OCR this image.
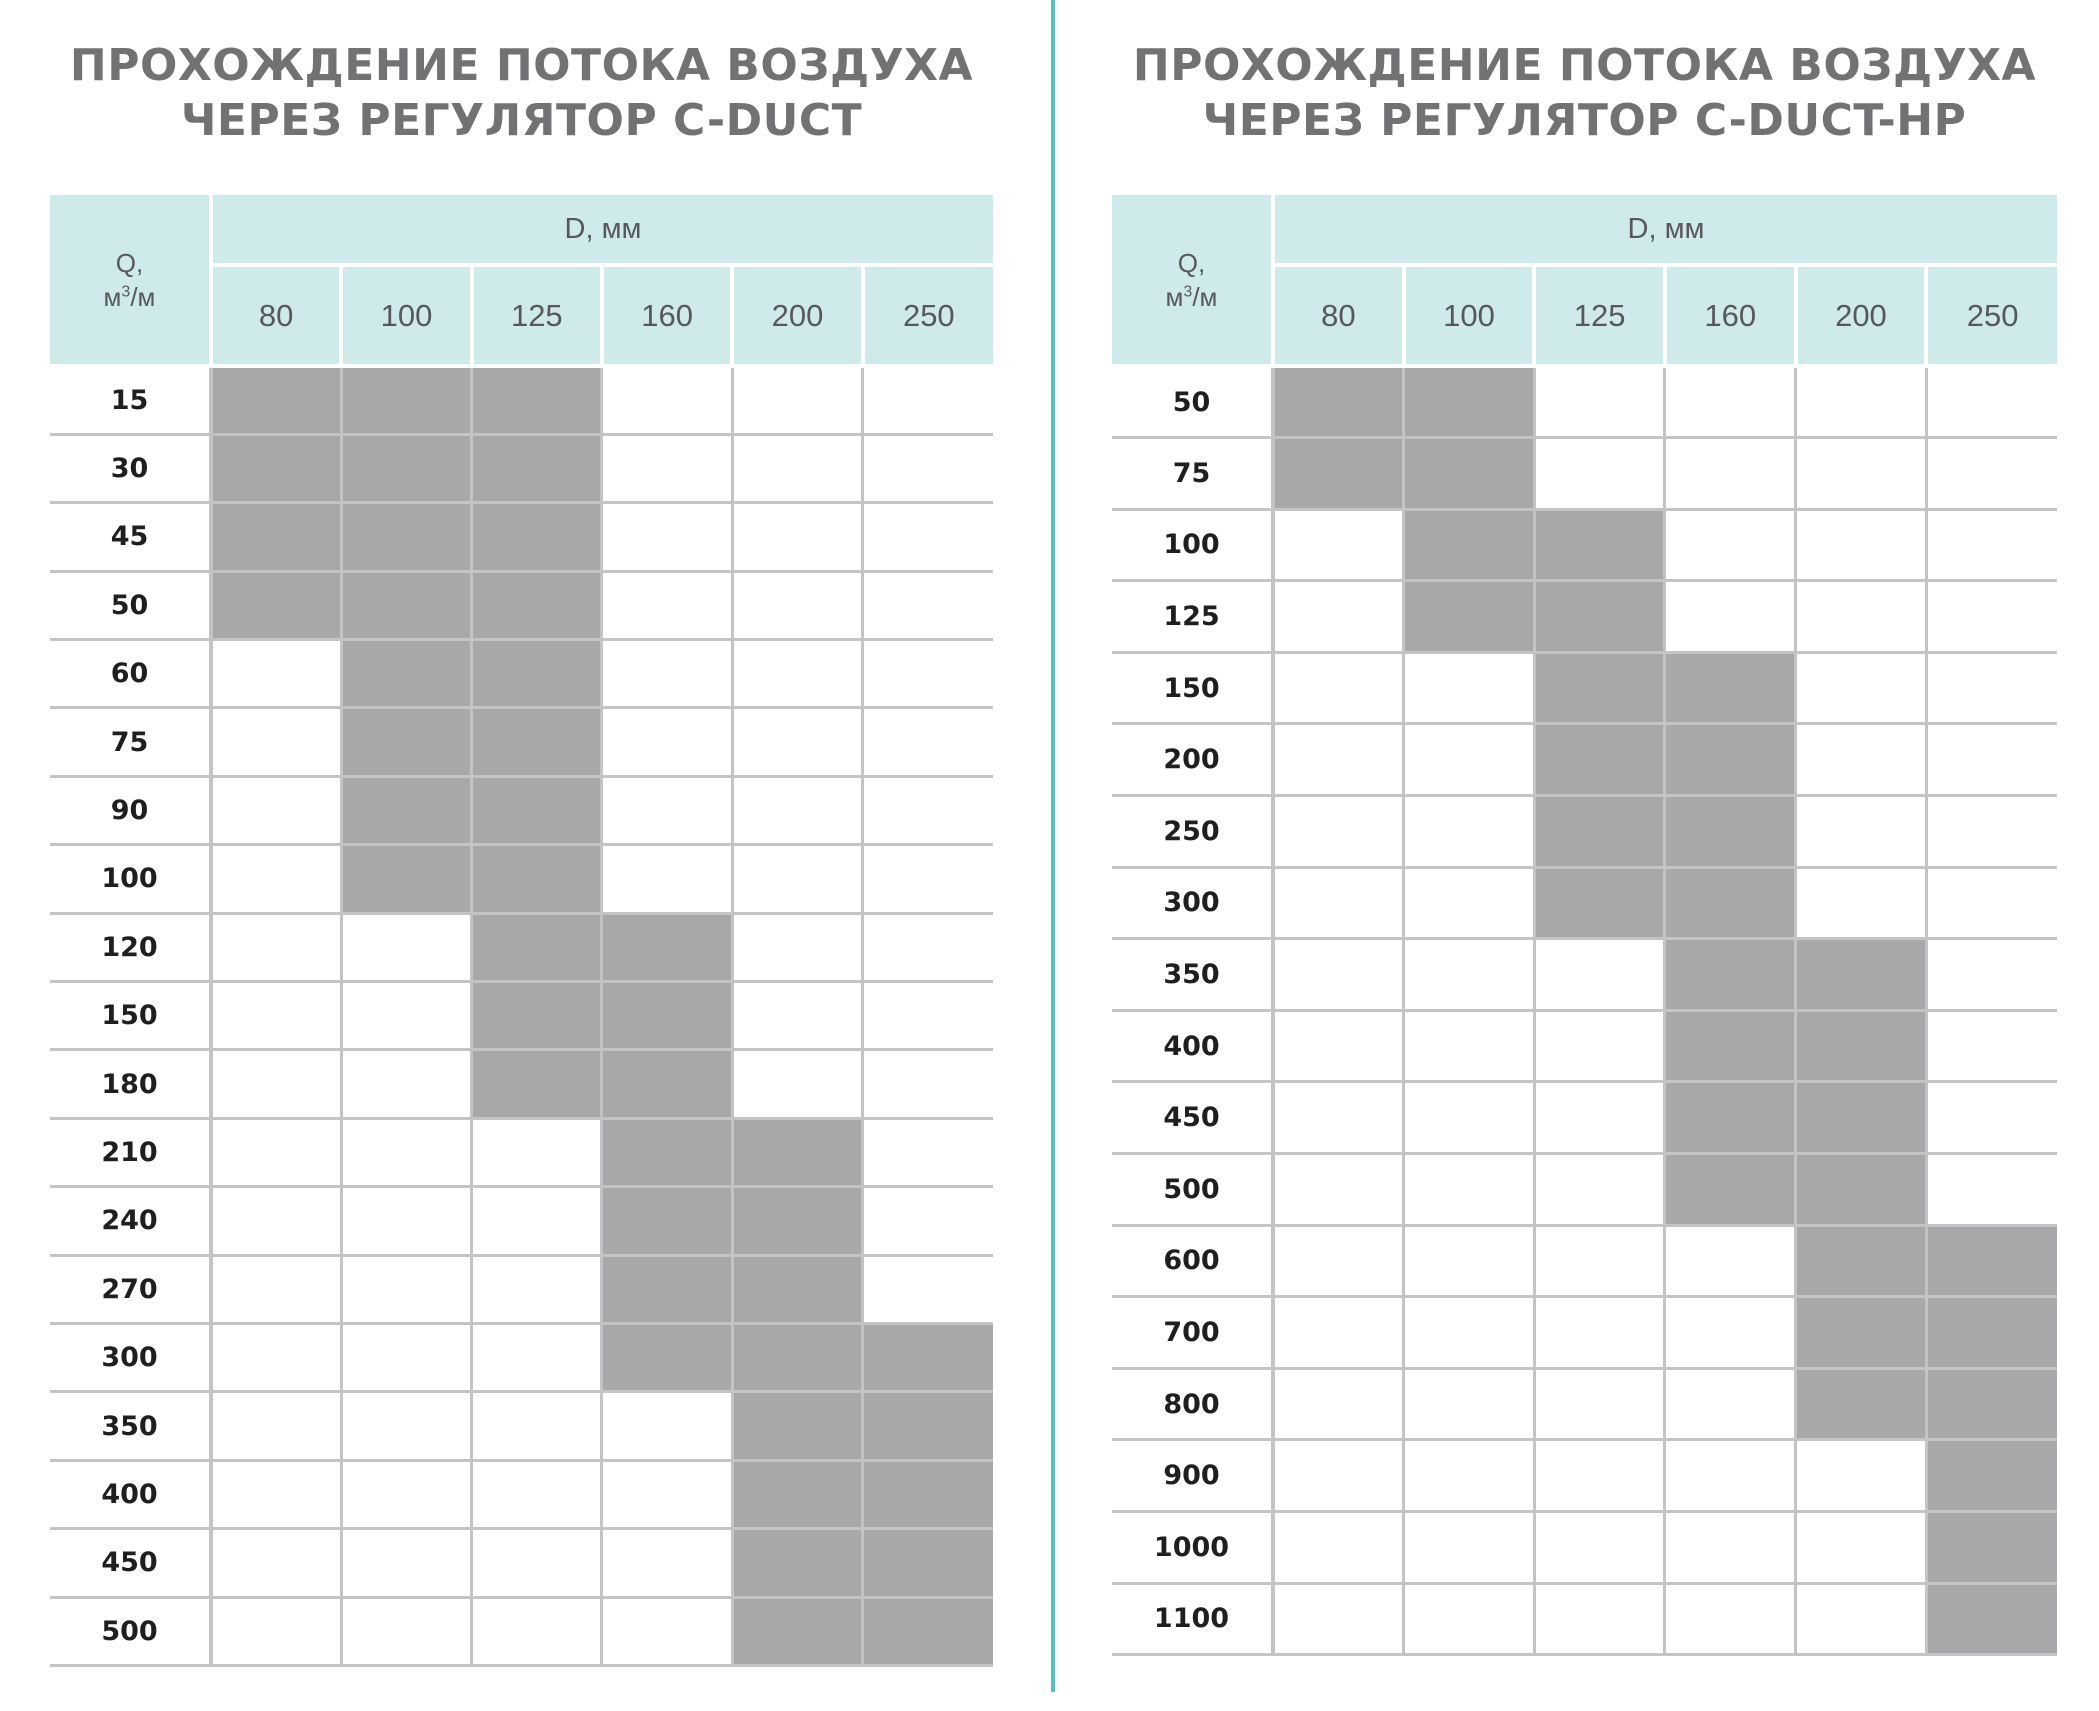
ПРОХОЖДЕНИЕ ПОТОКА ВОЗДУХА
ЧЕРЕЗ РЕГУЛЯТОР C-DUCT
Q,
$м^3/м$	D, мм					
	80	100	125	160	200	250
15						
30						
45						
50						
60						
75						
90						
100						
120						
150						
180						
210						
240						
270						
300						
350						
400						
450						
500						
ПРОХОЖДЕНИЕ ПОТОКА ВОЗДУХА
ЧЕРЕЗ РЕГУЛЯТОР C-DUCT-HP
Q,
$м^3/м$	D, мм					
	80	100	125	160	200	250
50						
75						
100						
125						
150						
200						
250						
300						
350						
400						
450						
500						
600						
700						
800						
900						
1000						
1100						
